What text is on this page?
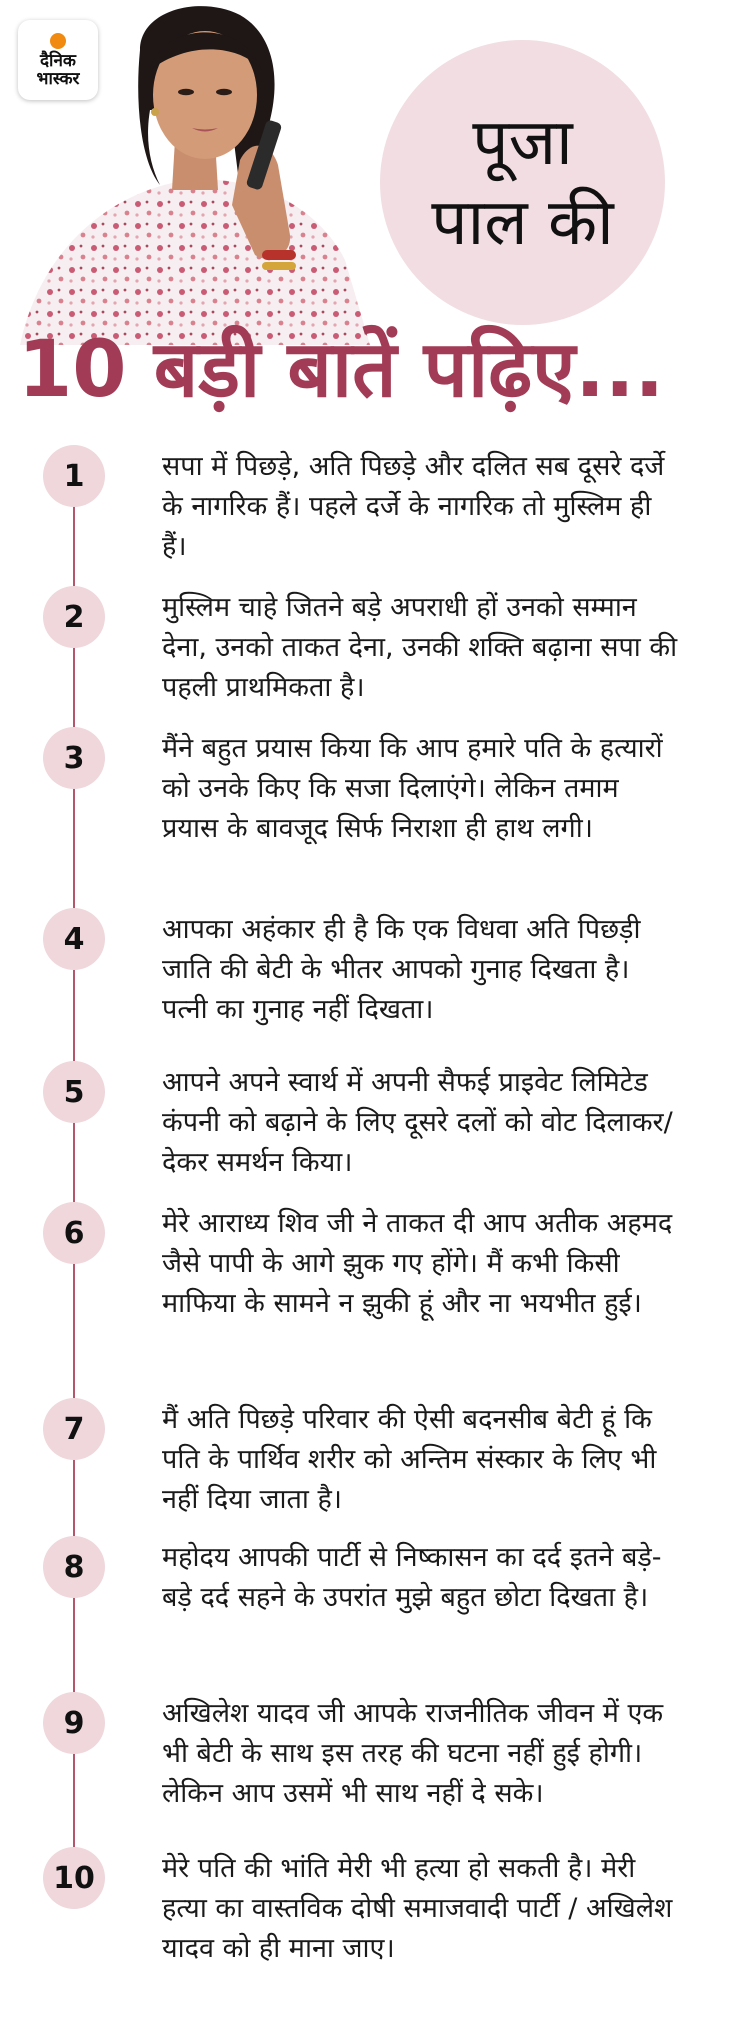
दैनिक
भास्कर
पूजा
पाल की
10 बड़ी बातें पढ़िए...
1	सपा में पिछड़े, अति पिछड़े और दलित सब दूसरे दर्जे के नागरिक हैं। पहले दर्जे के नागरिक तो मुस्लिम ही हैं।
2	मुस्लिम चाहे जितने बड़े अपराधी हों उनको सम्मान देना, उनको ताकत देना, उनकी शक्ति बढ़ाना सपा की पहली प्राथमिकता है।
3	मैंने बहुत प्रयास किया कि आप हमारे पति के हत्यारों को उनके किए कि सजा दिलाएंगे। लेकिन तमाम प्रयास के बावजूद सिर्फ निराशा ही हाथ लगी।
4	आपका अहंकार ही है कि एक विधवा अति पिछड़ी जाति की बेटी के भीतर आपको गुनाह दिखता है। पत्नी का गुनाह नहीं दिखता।
5	आपने अपने स्वार्थ में अपनी सैफई प्राइवेट लिमिटेड कंपनी को बढ़ाने के लिए दूसरे दलों को वोट दिलाकर/ देकर समर्थन किया।
6	मेरे आराध्य शिव जी ने ताकत दी आप अतीक अहमद जैसे पापी के आगे झुक गए होंगे। मैं कभी किसी माफिया के सामने न झुकी हूं और ना भयभीत हुई।
7	मैं अति पिछड़े परिवार की ऐसी बदनसीब बेटी हूं कि पति के पार्थिव शरीर को अन्तिम संस्कार के लिए भी नहीं दिया जाता है।
8	महोदय आपकी पार्टी से निष्कासन का दर्द इतने बड़े-बड़े दर्द सहने के उपरांत मुझे बहुत छोटा दिखता है।
9	अखिलेश यादव जी आपके राजनीतिक जीवन में एक भी बेटी के साथ इस तरह की घटना नहीं हुई होगी। लेकिन आप उसमें भी साथ नहीं दे सके।
10	मेरे पति की भांति मेरी भी हत्या हो सकती है। मेरी हत्या का वास्तविक दोषी समाजवादी पार्टी / अखिलेश यादव को ही माना जाए।
